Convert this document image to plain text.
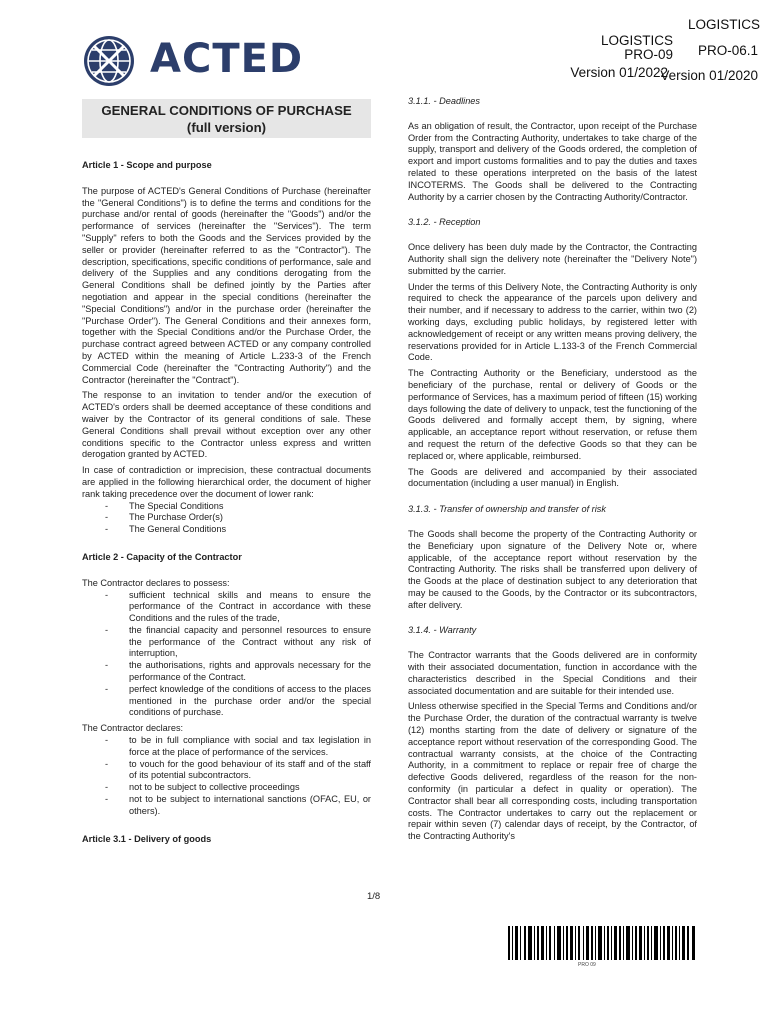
ACTED
LOGISTICS
LOGISTICS
PRO-06.1
PRO-09
Version 01/2022
Version 01/2020
GENERAL CONDITIONS OF PURCHASE
(full version)
Article 1 - Scope and purpose

The purpose of ACTED's General Conditions of Purchase (hereinafter the "General Conditions") is to define the terms and conditions for the purchase and/or rental of goods (hereinafter the "Goods") and/or the performance of services (hereinafter the "Services"). The term "Supply" refers to both the Goods and the Services provided by the seller or provider (hereinafter referred to as the "Contractor"). The description, specifications, specific conditions of performance, sale and delivery of the Supplies and any conditions derogating from the General Conditions shall be defined jointly by the Parties after negotiation and appear in the special conditions (hereinafter the "Special Conditions") and/or in the purchase order (hereinafter the "Purchase Order"). The General Conditions and their annexes form, together with the Special Conditions and/or the Purchase Order, the purchase contract agreed between ACTED or any company controlled by ACTED within the meaning of Article L.233-3 of the French Commercial Code (hereinafter the "Contracting Authority") and the Contractor (hereinafter the "Contract").

The response to an invitation to tender and/or the execution of ACTED's orders shall be deemed acceptance of these conditions and waiver by the Contractor of its general conditions of sale. These General Conditions shall prevail without exception over any other conditions specific to the Contractor unless express and written derogation granted by ACTED.

In case of contradiction or imprecision, these contractual documents are applied in the following hierarchical order, the document of higher rank taking precedence over the document of lower rank:

- The Special Conditions
- The Purchase Order(s)
- The General Conditions
Article 2 - Capacity of the Contractor

The Contractor declares to possess:

- sufficient technical skills and means to ensure the performance of the Contract in accordance with these Conditions and the rules of the trade,
- the financial capacity and personnel resources to ensure the performance of the Contract without any risk of interruption,
- the authorisations, rights and approvals necessary for the performance of the Contract.
- perfect knowledge of the conditions of access to the places mentioned in the purchase order and/or the special conditions of purchase.

The Contractor declares:

- to be in full compliance with social and tax legislation in force at the place of performance of the services.
- to vouch for the good behaviour of its staff and of the staff of its potential subcontractors.
- not to be subject to collective proceedings
- not to be subject to international sanctions (OFAC, EU, or others).
Article 3.1 - Delivery of goods
3.1.1. - Deadlines

As an obligation of result, the Contractor, upon receipt of the Purchase Order from the Contracting Authority, undertakes to take charge of the supply, transport and delivery of the Goods ordered, the completion of export and import customs formalities and to pay the duties and taxes related to these operations interpreted on the basis of the latest INCOTERMS. The Goods shall be delivered to the Contracting Authority by a carrier chosen by the Contracting Authority/Contractor.

3.1.2. - Reception

Once delivery has been duly made by the Contractor, the Contracting Authority shall sign the delivery note (hereinafter the "Delivery Note") submitted by the carrier.

Under the terms of this Delivery Note, the Contracting Authority is only required to check the appearance of the parcels upon delivery and their number, and if necessary to address to the carrier, within two (2) working days, excluding public holidays, by registered letter with acknowledgement of receipt or any written means proving delivery, the reservations provided for in Article L.133-3 of the French Commercial Code.

The Contracting Authority or the Beneficiary, understood as the beneficiary of the purchase, rental or delivery of Goods or the performance of Services, has a maximum period of fifteen (15) working days following the date of delivery to unpack, test the functioning of the Goods delivered and formally accept them, by signing, where applicable, an acceptance report without reservation, or refuse them and request the return of the defective Goods so that they can be replaced or, where applicable, reimbursed.

The Goods are delivered and accompanied by their associated documentation (including a user manual) in English.

3.1.3. - Transfer of ownership and transfer of risk

The Goods shall become the property of the Contracting Authority or the Beneficiary upon signature of the Delivery Note or, where applicable, of the acceptance report without reservation by the Contracting Authority. The risks shall be transferred upon delivery of the Goods at the place of destination subject to any deterioration that may be caused to the Goods, by the Contractor or its subcontractors, after delivery.

3.1.4. - Warranty

The Contractor warrants that the Goods delivered are in conformity with their associated documentation, function in accordance with the characteristics described in the Special Conditions and their associated documentation and are suitable for their intended use.

Unless otherwise specified in the Special Terms and Conditions and/or the Purchase Order, the duration of the contractual warranty is twelve (12) months starting from the date of delivery or signature of the acceptance report without reservation of the corresponding Good. The contractual warranty consists, at the choice of the Contracting Authority, in a commitment to replace or repair free of charge the defective Goods delivered, regardless of the reason for the non-conformity (in particular a defect in quality or operation). The Contractor shall bear all corresponding costs, including transportation costs. The Contractor undertakes to carry out the replacement or repair within seven (7) calendar days of receipt, by the Contractor, of the Contracting Authority's

1/8
PRO 09
